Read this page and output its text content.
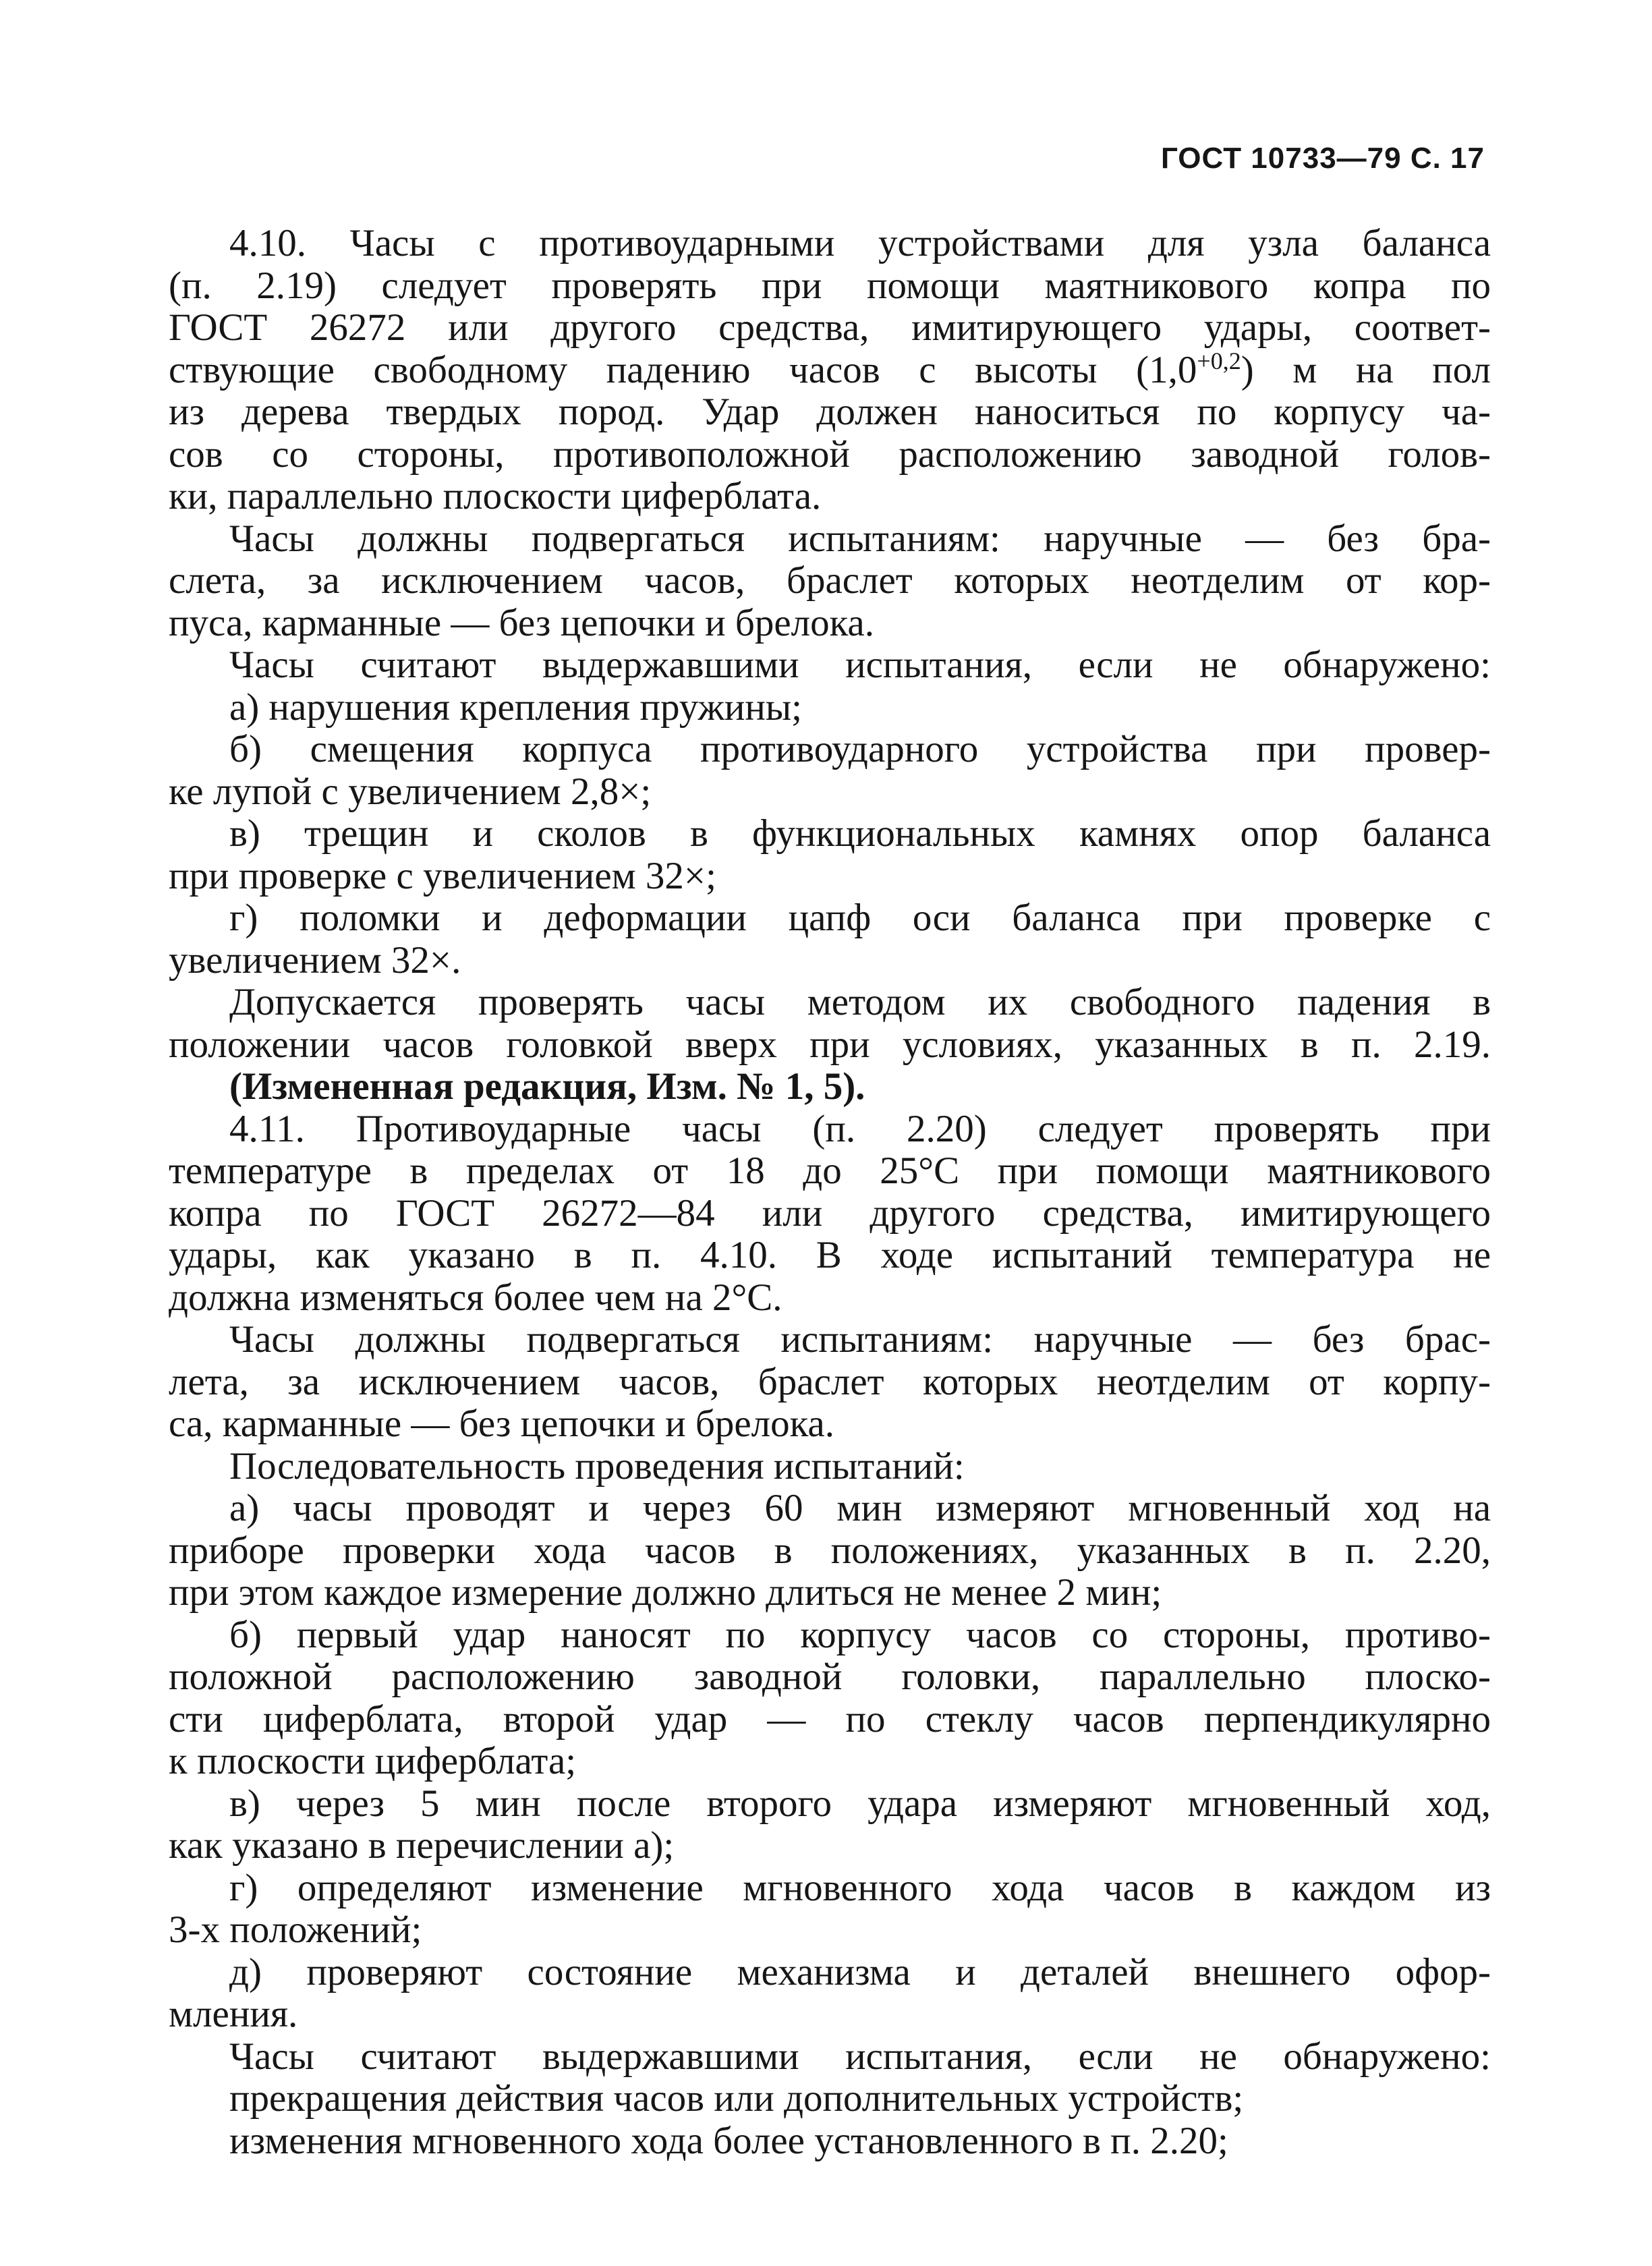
ГОСТ 10733—79 С. 17
4.10. Часы с противоударными устройствами для узла баланса
(п. 2.19) следует проверять при помощи маятникового копра по
ГОСТ 26272 или другого средства, имитирующего удары, соответ-
ствующие свободному падению часов с высоты $(1,0^{+0,2})$ м на пол
из дерева твердых пород. Удар должен наноситься по корпусу ча-
сов со стороны, противоположной расположению заводной голов-
ки, параллельно плоскости циферблата.
Часы должны подвергаться испытаниям: наручные — без бра-
слета, за исключением часов, браслет которых неотделим от кор-
пуса, карманные — без цепочки и брелока.
Часы считают выдержавшими испытания, если не обнаружено:
а) нарушения крепления пружины;
б) смещения корпуса противоударного устройства при провер-
ке лупой с увеличением 2,8×;
в) трещин и сколов в функциональных камнях опор баланса
при проверке с увеличением 32×;
г) поломки и деформации цапф оси баланса при проверке с
увеличением 32×.
Допускается проверять часы методом их свободного падения в
положении часов головкой вверх при условиях, указанных в п. 2.19.
(Измененная редакция, Изм. № 1, 5).
4.11. Противоударные часы (п. 2.20) следует проверять при
температуре в пределах от 18 до 25°С при помощи маятникового
копра по ГОСТ 26272—84 или другого средства, имитирующего
удары, как указано в п. 4.10. В ходе испытаний температура не
должна изменяться более чем на 2°С.
Часы должны подвергаться испытаниям: наручные — без брас-
лета, за исключением часов, браслет которых неотделим от корпу-
са, карманные — без цепочки и брелока.
Последовательность проведения испытаний:
а) часы проводят и через 60 мин измеряют мгновенный ход на
приборе проверки хода часов в положениях, указанных в п. 2.20,
при этом каждое измерение должно длиться не менее 2 мин;
б) первый удар наносят по корпусу часов со стороны, противо-
положной расположению заводной головки, параллельно плоско-
сти циферблата, второй удар — по стеклу часов перпендикулярно
к плоскости циферблата;
в) через 5 мин после второго удара измеряют мгновенный ход,
как указано в перечислении а);
г) определяют изменение мгновенного хода часов в каждом из
3-х положений;
д) проверяют состояние механизма и деталей внешнего офор-
мления.
Часы считают выдержавшими испытания, если не обнаружено:
прекращения действия часов или дополнительных устройств;
изменения мгновенного хода более установленного в п. 2.20;
